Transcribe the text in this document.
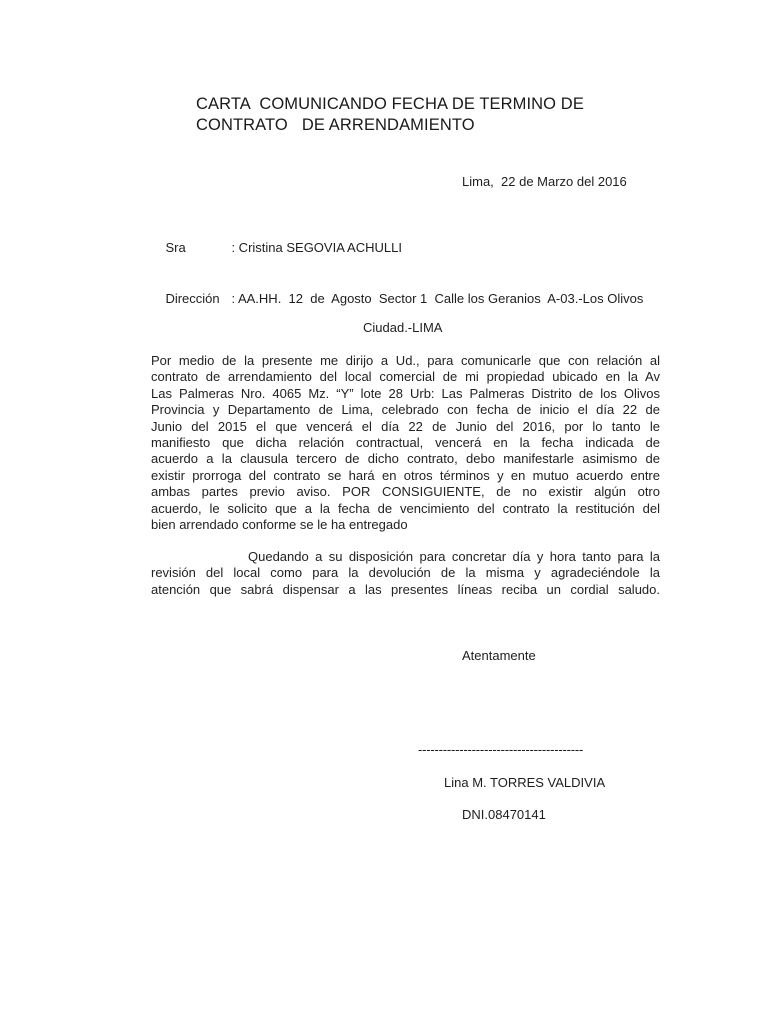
CARTA  COMUNICANDO FECHA DE TERMINO DE
CONTRATO   DE ARRENDAMIENTO
Lima,  22 de Marzo del 2016

Sra	: Cristina SEGOVIA ACHULLI

Dirección : AA.HH.  12  de  Agosto  Sector 1  Calle los Geranios  A-03.-Los Olivos

Ciudad.-LIMA
Por medio de la presente me dirijo a Ud., para comunicarle que con relación al
contrato de arrendamiento del local comercial de mi propiedad ubicado en la Av
Las Palmeras Nro. 4065 Mz. “Y” lote 28 Urb: Las Palmeras Distrito de los Olivos
Provincia y Departamento de Lima, celebrado con fecha de inicio el día 22 de
Junio del 2015 el que vencerá el día 22 de Junio del 2016, por lo tanto le
manifiesto que dicha relación contractual, vencerá en la fecha indicada de
acuerdo a la clausula tercero de dicho contrato, debo manifestarle asimismo de
existir prorroga del contrato se hará en otros términos y en mutuo acuerdo entre
ambas partes previo aviso. POR CONSIGUIENTE, de no existir algún otro
acuerdo, le solicito que a la fecha de vencimiento del contrato la restitución del
bien arrendado conforme se le ha entregado
Quedando a su disposición para concretar día y hora tanto para la
revisión del local como para la devolución de la misma y agradeciéndole la
atención que sabrá dispensar a las presentes líneas reciba un cordial saludo.
Atentamente
----------------------------------------
Lina M. TORRES VALDIVIA
DNI.08470141
